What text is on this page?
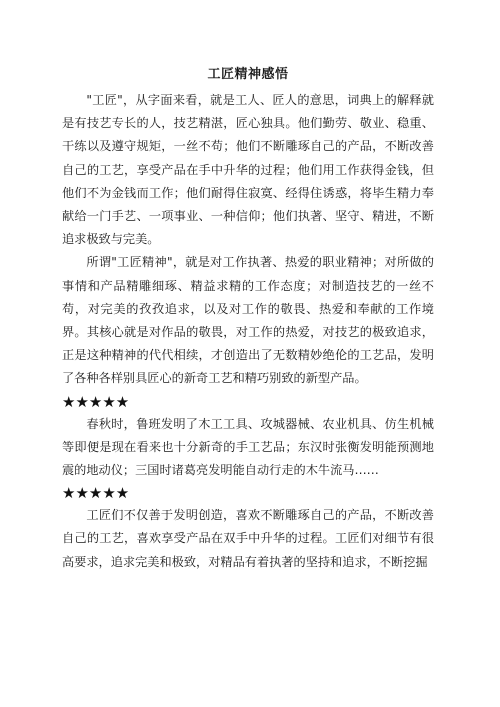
工匠精神感悟

"工匠"，从字面来看，就是工人、匠人的意思，词典上的解释就是有技艺专长的人，技艺精湛，匠心独具。他们勤劳、敬业、稳重、干练以及遵守规矩，一丝不苟；他们不断雕琢自己的产品，不断改善自己的工艺，享受产品在手中升华的过程；他们用工作获得金钱，但他们不为金钱而工作；他们耐得住寂寞、经得住诱惑，将毕生精力奉献给一门手艺、一项事业、一种信仰；他们执著、坚守、精进，不断追求极致与完美。

所谓"工匠精神"，就是对工作执著、热爱的职业精神；对所做的事情和产品精雕细琢、精益求精的工作态度；对制造技艺的一丝不苟，对完美的孜孜追求，以及对工作的敬畏、热爱和奉献的工作境界。其核心就是对作品的敬畏，对工作的热爱，对技艺的极致追求，正是这种精神的代代相续，才创造出了无数精妙绝伦的工艺品，发明了各种各样别具匠心的新奇工艺和精巧别致的新型产品。

★★★★★

春秋时，鲁班发明了木工工具、攻城器械、农业机具、仿生机械等即便是现在看来也十分新奇的手工艺品；东汉时张衡发明能预测地震的地动仪；三国时诸葛亮发明能自动行走的木牛流马……

★★★★★

工匠们不仅善于发明创造，喜欢不断雕琢自己的产品，不断改善自己的工艺，喜欢享受产品在双手中升华的过程。工匠们对细节有很高要求，追求完美和极致，对精品有着执著的坚持和追求，不断挖掘
